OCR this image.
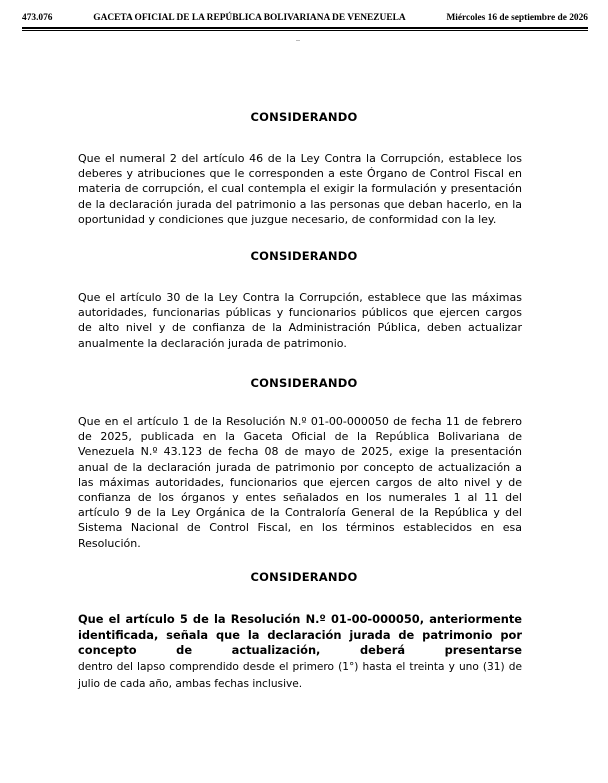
473.076	GACETA OFICIAL DE LA REPÚBLICA BOLIVARIANA DE VENEZUELA	Miércoles 16 de septiembre de 2026
CONSIDERANDO

Que el numeral 2 del artículo 46 de la Ley Contra la Corrupción, establece los deberes y atribuciones que le corresponden a este Órgano de Control Fiscal en materia de corrupción, el cual contempla el exigir la formulación y presentación de la declaración jurada del patrimonio a las personas que deban hacerlo, en la oportunidad y condiciones que juzgue necesario, de conformidad con la ley.

CONSIDERANDO

Que el artículo 30 de la Ley Contra la Corrupción, establece que las máximas autoridades, funcionarias públicas y funcionarios públicos que ejercen cargos de alto nivel y de confianza de la Administración Pública, deben actualizar anualmente la declaración jurada de patrimonio.

CONSIDERANDO

Que en el artículo 1 de la Resolución N.º 01-00-000050 de fecha 11 de febrero de 2025, publicada en la Gaceta Oficial de la República Bolivariana de Venezuela N.º 43.123 de fecha 08 de mayo de 2025, exige la presentación anual de la declaración jurada de patrimonio por concepto de actualización a las máximas autoridades, funcionarios que ejercen cargos de alto nivel y de confianza de los órganos y entes señalados en los numerales 1 al 11 del artículo 9 de la Ley Orgánica de la Contraloría General de la República y del Sistema Nacional de Control Fiscal, en los términos establecidos en esa Resolución.

CONSIDERANDO

Que el artículo 5 de la Resolución N.º 01-00-000050, anteriormente identificada, señala que la declaración jurada de patrimonio por concepto de actualización, deberá presentarse

dentro del lapso comprendido desde el primero (1°) hasta el treinta y uno (31) de julio de cada año, ambas fechas inclusive.
